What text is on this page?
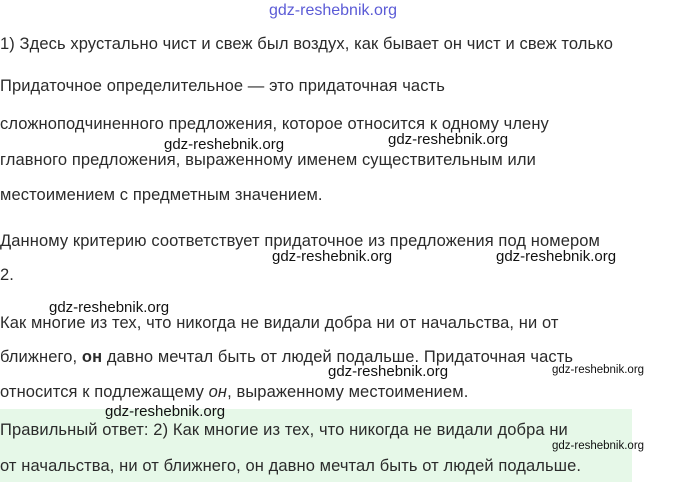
gdz-reshebnik.org
1) Здесь хрустально чист и свеж был воздух, как бывает он чист и свеж только
Придаточное определительное — это придаточная часть
сложноподчиненного предложения, которое относится к одному члену
главного предложения, выраженному именем существительным или
местоимением с предметным значением.
Данному критерию соответствует придаточное из предложения под номером
2.
Как многие из тех, что никогда не видали добра ни от начальства, ни от
ближнего, он давно мечтал быть от людей подальше. Придаточная часть
относится к подлежащему он, выраженному местоимением.
Правильный ответ: 2) Как многие из тех, что никогда не видали добра ни
от начальства, ни от ближнего, он давно мечтал быть от людей подальше.
gdz-reshebnik.org	gdz-reshebnik.org
gdz-reshebnik.org	gdz-reshebnik.org
gdz-reshebnik.org
gdz-reshebnik.org	gdz-reshebnik.org
gdz-reshebnik.org
gdz-reshebnik.org
